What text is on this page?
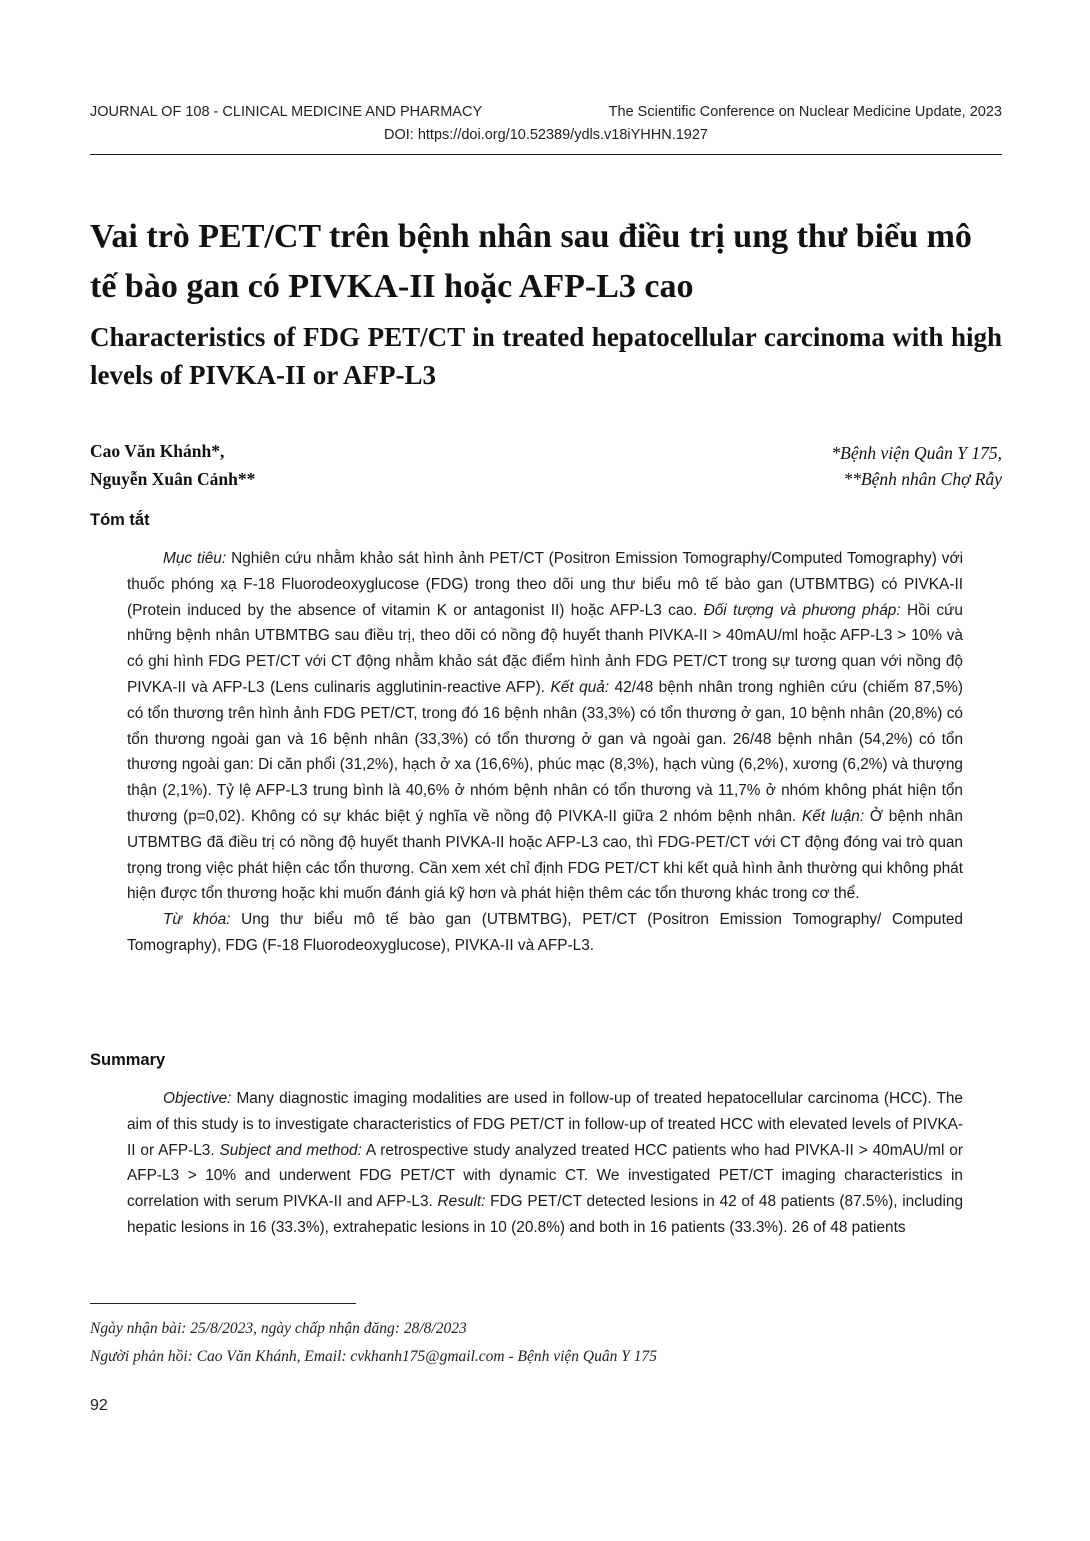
JOURNAL OF 108 - CLINICAL MEDICINE AND PHARMACY	The Scientific Conference on Nuclear Medicine Update, 2023
DOI: https://doi.org/10.52389/ydls.v18iYHHN.1927
Vai trò PET/CT trên bệnh nhân sau điều trị ung thư biểu mô tế bào gan có PIVKA-II hoặc AFP-L3 cao
Characteristics of FDG PET/CT in treated hepatocellular carcinoma with high levels of PIVKA-II or AFP-L3
Cao Văn Khánh*,
Nguyễn Xuân Cảnh**
*Bệnh viện Quân Y 175,
**Bệnh nhân Chợ Rẫy
Tóm tắt

Mục tiêu: Nghiên cứu nhằm khảo sát hình ảnh PET/CT (Positron Emission Tomography/Computed Tomography) với thuốc phóng xạ F-18 Fluorodeoxyglucose (FDG) trong theo dõi ung thư biểu mô tế bào gan (UTBMTBG) có PIVKA-II (Protein induced by the absence of vitamin K or antagonist II) hoặc AFP-L3 cao. Đối tượng và phương pháp: Hồi cứu những bệnh nhân UTBMTBG sau điều trị, theo dõi có nồng độ huyết thanh PIVKA-II > 40mAU/ml hoặc AFP-L3 > 10% và có ghi hình FDG PET/CT với CT động nhằm khảo sát đặc điểm hình ảnh FDG PET/CT trong sự tương quan với nồng độ PIVKA-II và AFP-L3 (Lens culinaris agglutinin-reactive AFP). Kết quả: 42/48 bệnh nhân trong nghiên cứu (chiếm 87,5%) có tổn thương trên hình ảnh FDG PET/CT, trong đó 16 bệnh nhân (33,3%) có tổn thương ở gan, 10 bệnh nhân (20,8%) có tổn thương ngoài gan và 16 bệnh nhân (33,3%) có tổn thương ở gan và ngoài gan. 26/48 bệnh nhân (54,2%) có tổn thương ngoài gan: Di căn phổi (31,2%), hạch ở xa (16,6%), phúc mạc (8,3%), hạch vùng (6,2%), xương (6,2%) và thượng thận (2,1%). Tỷ lệ AFP-L3 trung bình là 40,6% ở nhóm bệnh nhân có tổn thương và 11,7% ở nhóm không phát hiện tổn thương (p=0,02). Không có sự khác biệt ý nghĩa về nồng độ PIVKA-II giữa 2 nhóm bệnh nhân. Kết luận: Ở bệnh nhân UTBMTBG đã điều trị có nồng độ huyết thanh PIVKA-II hoặc AFP-L3 cao, thì FDG-PET/CT với CT động đóng vai trò quan trọng trong việc phát hiện các tổn thương. Cần xem xét chỉ định FDG PET/CT khi kết quả hình ảnh thường qui không phát hiện được tổn thương hoặc khi muốn đánh giá kỹ hơn và phát hiện thêm các tổn thương khác trong cơ thể.

Từ khóa: Ung thư biểu mô tế bào gan (UTBMTBG), PET/CT (Positron Emission Tomography/ Computed Tomography), FDG (F-18 Fluorodeoxyglucose), PIVKA-II và AFP-L3.

Summary

Objective: Many diagnostic imaging modalities are used in follow-up of treated hepatocellular carcinoma (HCC). The aim of this study is to investigate characteristics of FDG PET/CT in follow-up of treated HCC with elevated levels of PIVKA-II or AFP-L3. Subject and method: A retrospective study analyzed treated HCC patients who had PIVKA-II > 40mAU/ml or AFP-L3 > 10% and underwent FDG PET/CT with dynamic CT. We investigated PET/CT imaging characteristics in correlation with serum PIVKA-II and AFP-L3. Result: FDG PET/CT detected lesions in 42 of 48 patients (87.5%), including hepatic lesions in 16 (33.3%), extrahepatic lesions in 10 (20.8%) and both in 16 patients (33.3%). 26 of 48 patients

Ngày nhận bài: 25/8/2023, ngày chấp nhận đăng: 28/8/2023
Người phản hồi: Cao Văn Khánh, Email: cvkhanh175@gmail.com - Bệnh viện Quân Y 175
92
